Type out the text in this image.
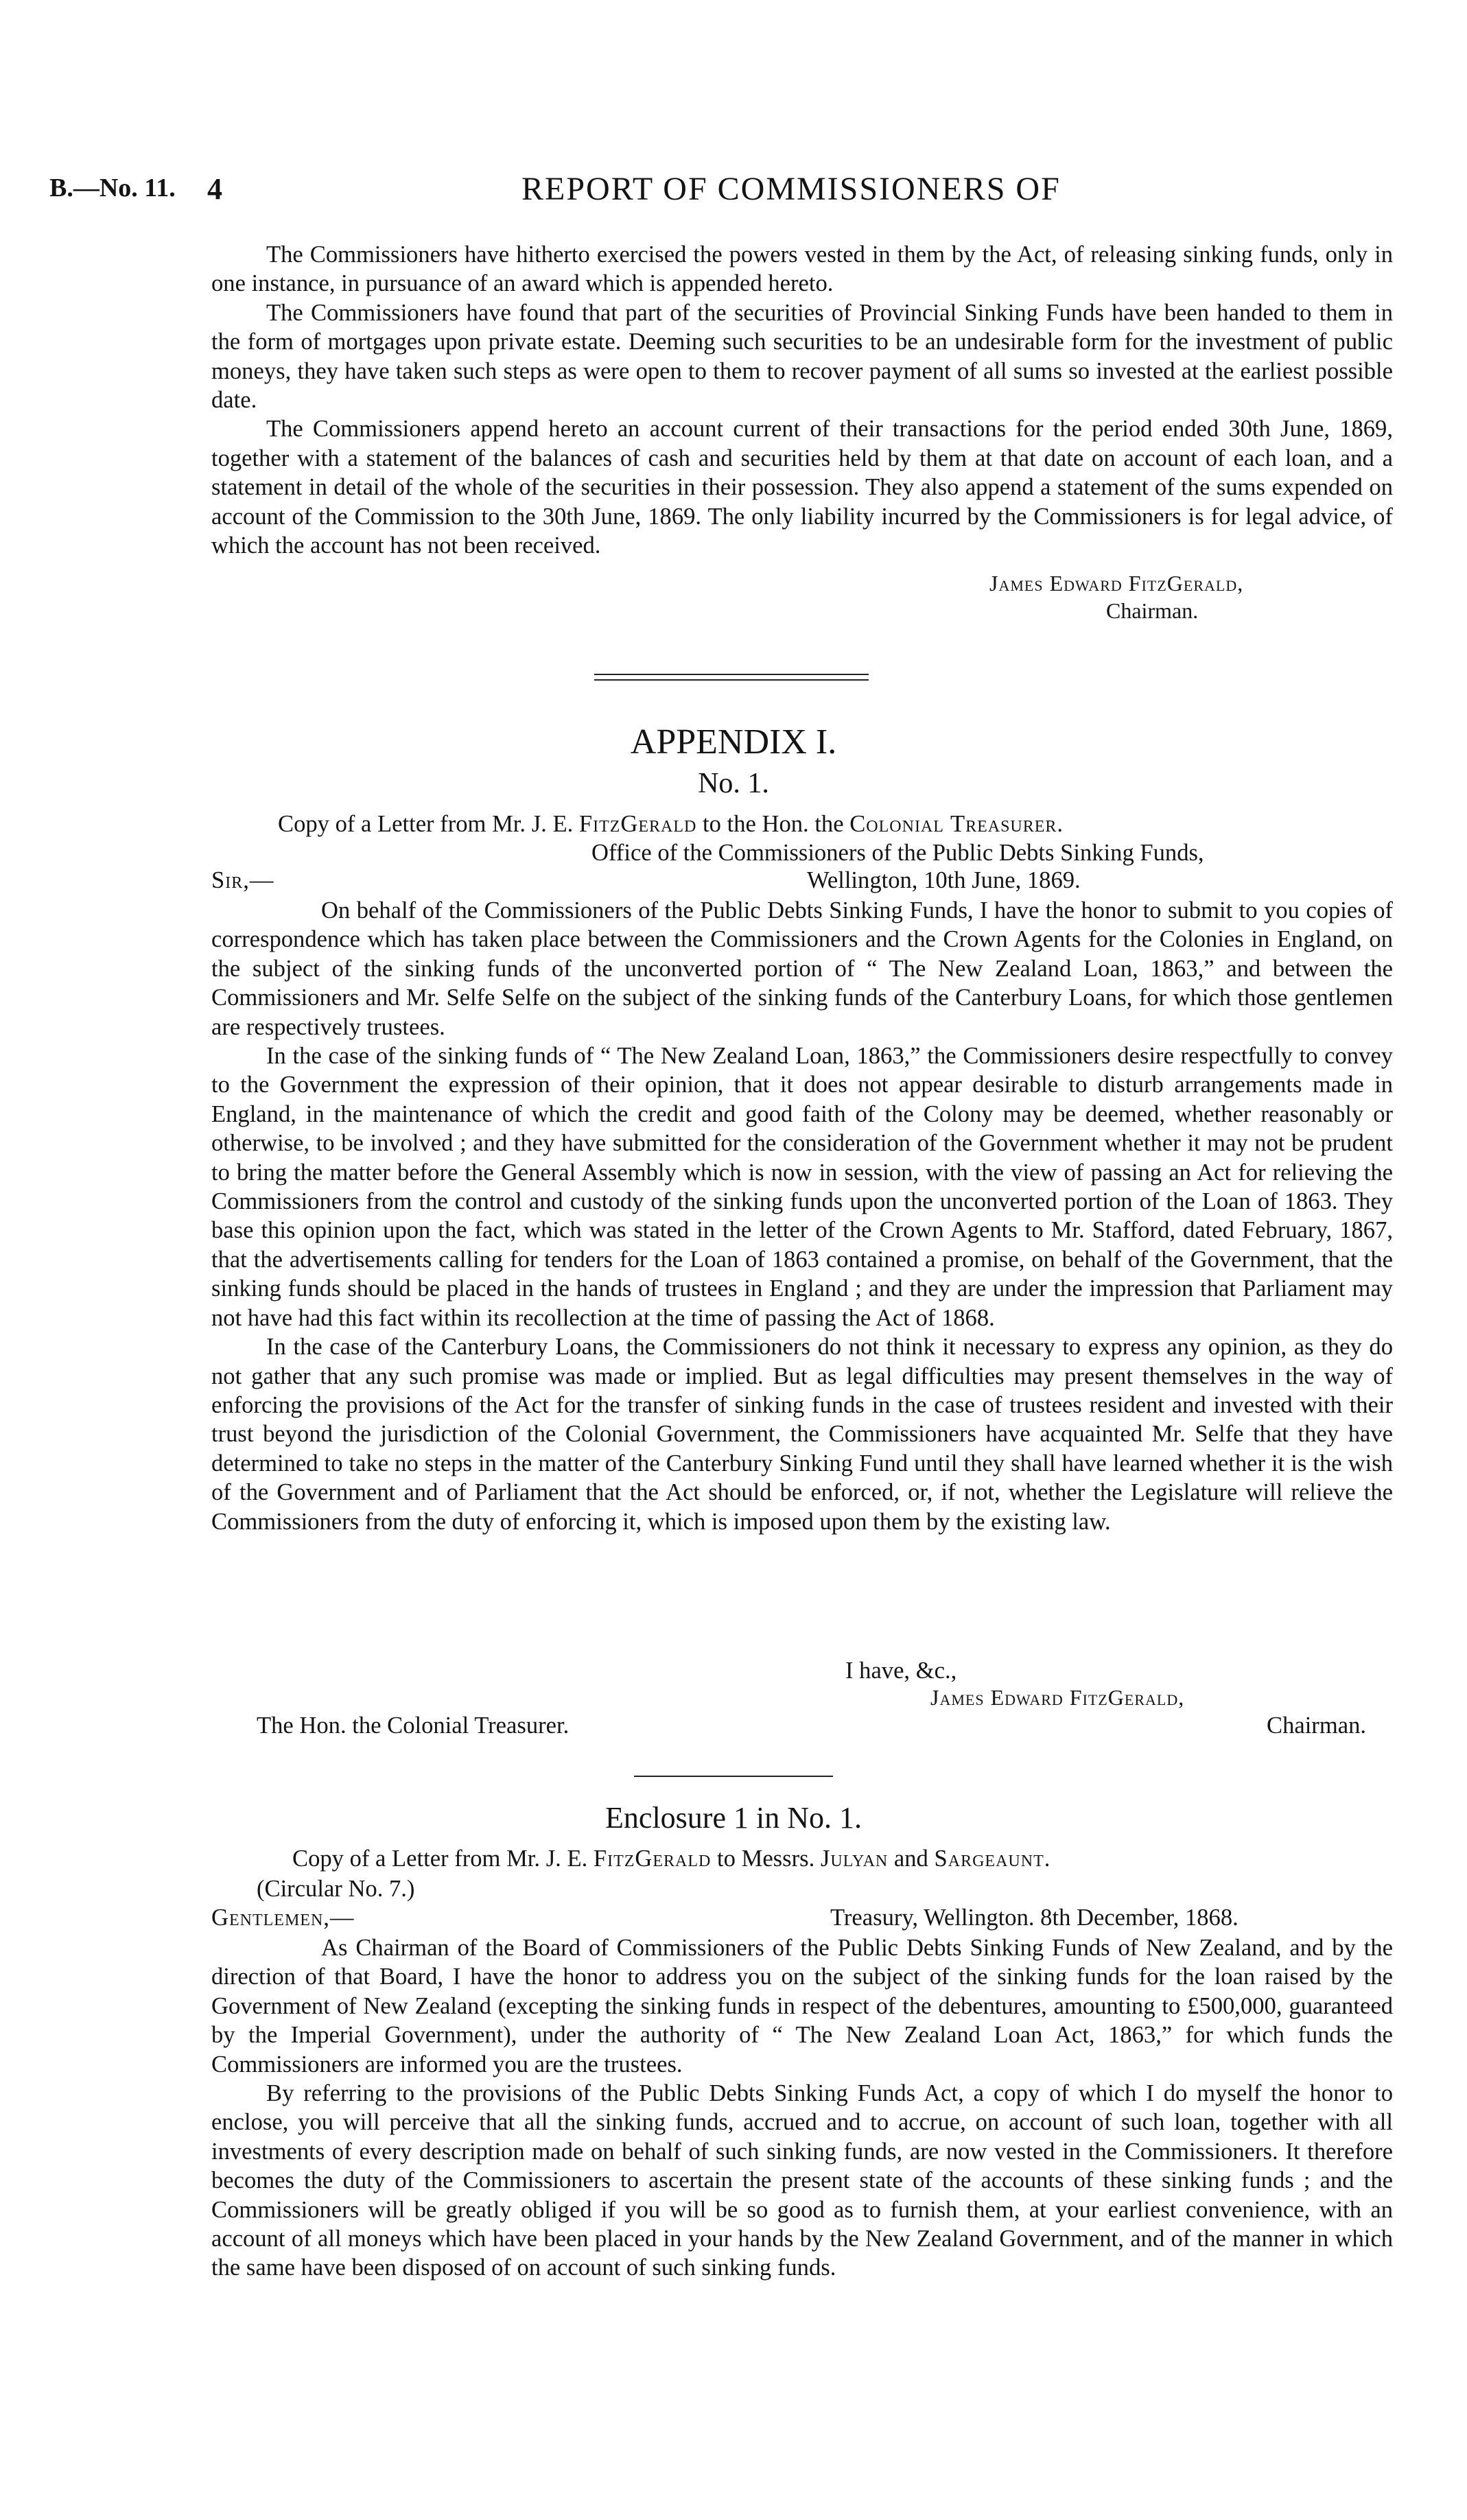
B.—No. 11. 4	REPORT OF COMMISSIONERS OF

The Commissioners have hitherto exercised the powers vested in them by the Act, of releasing sinking funds, only in one instance, in pursuance of an award which is appended hereto.

The Commissioners have found that part of the securities of Provincial Sinking Funds have been handed to them in the form of mortgages upon private estate. Deeming such securities to be an undesirable form for the investment of public moneys, they have taken such steps as were open to them to recover payment of all sums so invested at the earliest possible date.

The Commissioners append hereto an account current of their transactions for the period ended 30th June, 1869, together with a statement of the balances of cash and securities held by them at that date on account of each loan, and a statement in detail of the whole of the securities in their possession. They also append a statement of the sums expended on account of the Commission to the 30th June, 1869. The only liability incurred by the Commissioners is for legal advice, of which the account has not been received.

James Edward FitzGerald,
Chairman.
APPENDIX I.
No. 1.
Copy of a Letter from Mr. J. E. FitzGerald to the Hon. the Colonial Treasurer.
Office of the Commissioners of the Public Debts Sinking Funds,
Sir,—	Wellington, 10th June, 1869.

On behalf of the Commissioners of the Public Debts Sinking Funds, I have the honor to submit to you copies of correspondence which has taken place between the Commissioners and the Crown Agents for the Colonies in England, on the subject of the sinking funds of the unconverted portion of “ The New Zealand Loan, 1863,” and between the Commissioners and Mr. Selfe Selfe on the subject of the sinking funds of the Canterbury Loans, for which those gentlemen are respectively trustees.

In the case of the sinking funds of “ The New Zealand Loan, 1863,” the Commissioners desire respectfully to convey to the Government the expression of their opinion, that it does not appear desirable to disturb arrangements made in England, in the maintenance of which the credit and good faith of the Colony may be deemed, whether reasonably or otherwise, to be involved ; and they have submitted for the consideration of the Government whether it may not be prudent to bring the matter before the General Assembly which is now in session, with the view of passing an Act for relieving the Commissioners from the control and custody of the sinking funds upon the unconverted portion of the Loan of 1863. They base this opinion upon the fact, which was stated in the letter of the Crown Agents to Mr. Stafford, dated February, 1867, that the advertisements calling for tenders for the Loan of 1863 contained a promise, on behalf of the Government, that the sinking funds should be placed in the hands of trustees in England ; and they are under the impression that Parliament may not have had this fact within its recollection at the time of passing the Act of 1868.

In the case of the Canterbury Loans, the Commissioners do not think it necessary to express any opinion, as they do not gather that any such promise was made or implied. But as legal difficulties may present themselves in the way of enforcing the provisions of the Act for the transfer of sinking funds in the case of trustees resident and invested with their trust beyond the jurisdiction of the Colonial Government, the Commissioners have acquainted Mr. Selfe that they have determined to take no steps in the matter of the Canterbury Sinking Fund until they shall have learned whether it is the wish of the Government and of Parliament that the Act should be enforced, or, if not, whether the Legislature will relieve the Commissioners from the duty of enforcing it, which is imposed upon them by the existing law.

I have, &c.,
James Edward FitzGerald,
The Hon. the Colonial Treasurer.	Chairman.
Enclosure 1 in No. 1.
Copy of a Letter from Mr. J. E. FitzGerald to Messrs. Julyan and Sargeaunt.
(Circular No. 7.)
Gentlemen,—	Treasury, Wellington. 8th December, 1868.

As Chairman of the Board of Commissioners of the Public Debts Sinking Funds of New Zealand, and by the direction of that Board, I have the honor to address you on the subject of the sinking funds for the loan raised by the Government of New Zealand (excepting the sinking funds in respect of the debentures, amounting to £500,000, guaranteed by the Imperial Government), under the authority of “ The New Zealand Loan Act, 1863,” for which funds the Commissioners are informed you are the trustees.

By referring to the provisions of the Public Debts Sinking Funds Act, a copy of which I do myself the honor to enclose, you will perceive that all the sinking funds, accrued and to accrue, on account of such loan, together with all investments of every description made on behalf of such sinking funds, are now vested in the Commissioners. It therefore becomes the duty of the Commissioners to ascertain the present state of the accounts of these sinking funds ; and the Commissioners will be greatly obliged if you will be so good as to furnish them, at your earliest convenience, with an account of all moneys which have been placed in your hands by the New Zealand Government, and of the manner in which the same have been disposed of on account of such sinking funds.
